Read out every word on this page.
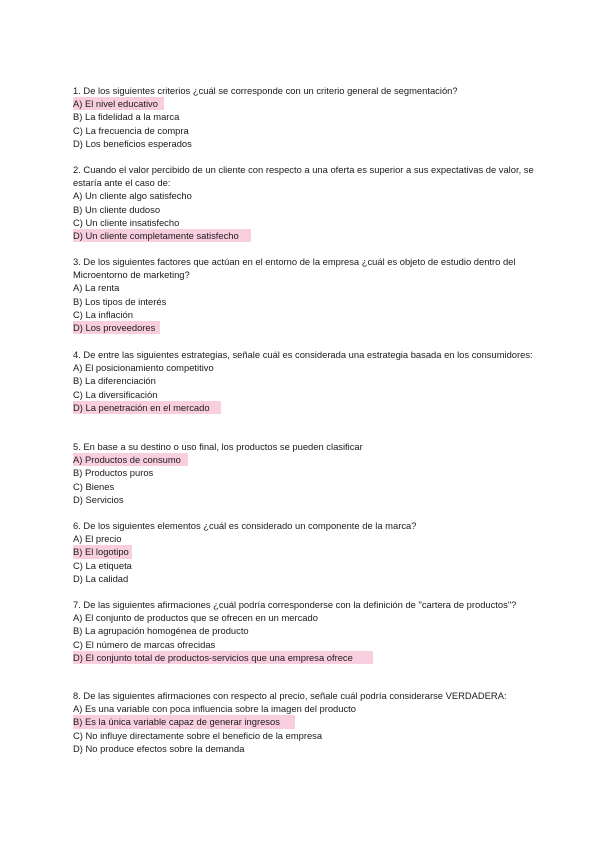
1. De los siguientes criterios ¿cuál se corresponde con un criterio general de segmentación?
A) El nivel educativo
B) La fidelidad a la marca
C) La frecuencia de compra
D) Los beneficios esperados
2. Cuando el valor percibido de un cliente con respecto a una oferta es superior a sus expectativas de valor, se estaría ante el caso de:
A) Un cliente algo satisfecho
B) Un cliente dudoso
C) Un cliente insatisfecho
D) Un cliente completamente satisfecho
3. De los siguientes factores que actúan en el entorno de la empresa ¿cuál es objeto de estudio dentro del Microentorno de marketing?
A) La renta
B) Los tipos de interés
C) La inflación
D) Los proveedores
4. De entre las siguientes estrategias, señale cuál es considerada una estrategia basada en los consumidores:
A) El posicionamiento competitivo
B) La diferenciación
C) La diversificación
D) La penetración en el mercado
5. En base a su destino o uso final, los productos se pueden clasificar
A) Productos de consumo
B) Productos puros
C) Bienes
D) Servicios
6. De los siguientes elementos ¿cuál es considerado un componente de la marca?
A) El precio
B) El logotipo
C) La etiqueta
D) La calidad
7. De las siguientes afirmaciones ¿cuál podría corresponderse con la definición de "cartera de productos"?
A) El conjunto de productos que se ofrecen en un mercado
B) La agrupación homogénea de producto
C) El número de marcas ofrecidas
D) El conjunto total de productos-servicios que una empresa ofrece
8. De las siguientes afirmaciones con respecto al precio, señale cuál podría considerarse VERDADERA:
A) Es una variable con poca influencia sobre la imagen del producto
B) Es la única variable capaz de generar ingresos
C) No influye directamente sobre el beneficio de la empresa
D) No produce efectos sobre la demanda
